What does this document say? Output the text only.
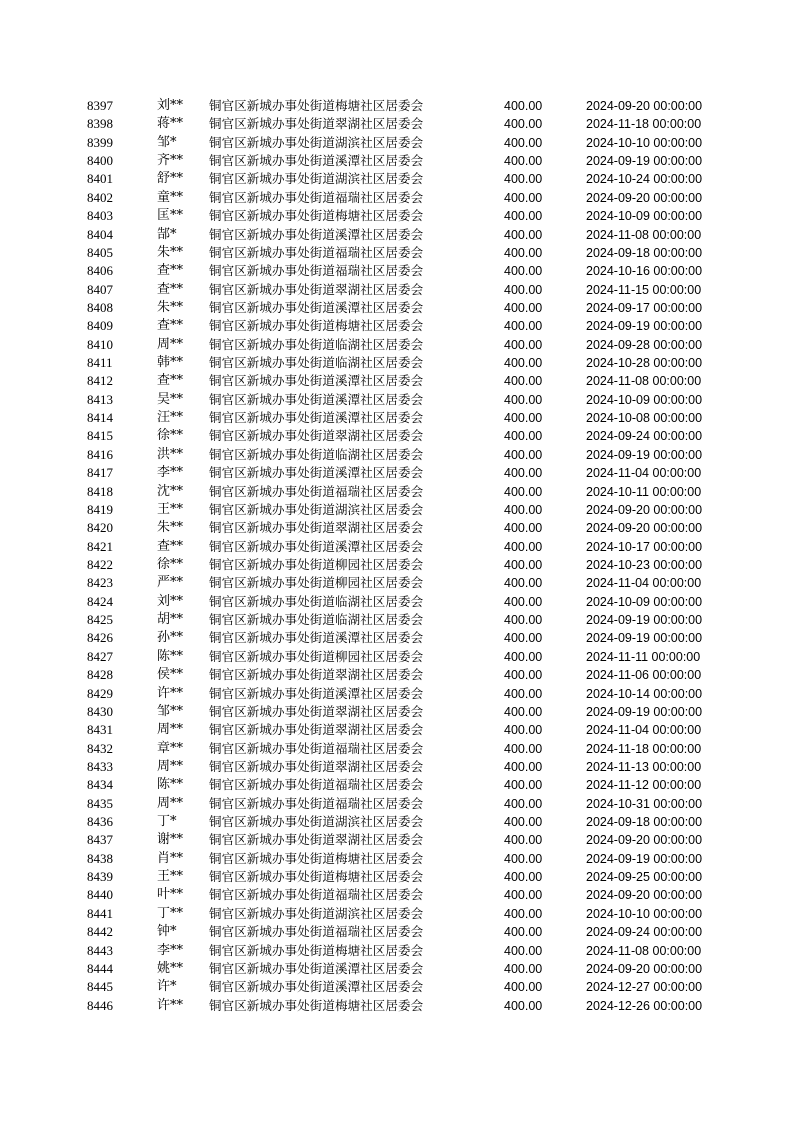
8397	刘**	铜官区新城办事处街道梅塘社区居委会	400.00	2024-09-20 00:00:00
8398	蒋**	铜官区新城办事处街道翠湖社区居委会	400.00	2024-11-18 00:00:00
8399	邹*	铜官区新城办事处街道湖滨社区居委会	400.00	2024-10-10 00:00:00
8400	齐**	铜官区新城办事处街道溪潭社区居委会	400.00	2024-09-19 00:00:00
8401	舒**	铜官区新城办事处街道湖滨社区居委会	400.00	2024-10-24 00:00:00
8402	童**	铜官区新城办事处街道福瑞社区居委会	400.00	2024-09-20 00:00:00
8403	匡**	铜官区新城办事处街道梅塘社区居委会	400.00	2024-10-09 00:00:00
8404	郜*	铜官区新城办事处街道溪潭社区居委会	400.00	2024-11-08 00:00:00
8405	朱**	铜官区新城办事处街道福瑞社区居委会	400.00	2024-09-18 00:00:00
8406	查**	铜官区新城办事处街道福瑞社区居委会	400.00	2024-10-16 00:00:00
8407	查**	铜官区新城办事处街道翠湖社区居委会	400.00	2024-11-15 00:00:00
8408	朱**	铜官区新城办事处街道溪潭社区居委会	400.00	2024-09-17 00:00:00
8409	查**	铜官区新城办事处街道梅塘社区居委会	400.00	2024-09-19 00:00:00
8410	周**	铜官区新城办事处街道临湖社区居委会	400.00	2024-09-28 00:00:00
8411	韩**	铜官区新城办事处街道临湖社区居委会	400.00	2024-10-28 00:00:00
8412	查**	铜官区新城办事处街道溪潭社区居委会	400.00	2024-11-08 00:00:00
8413	吴**	铜官区新城办事处街道溪潭社区居委会	400.00	2024-10-09 00:00:00
8414	汪**	铜官区新城办事处街道溪潭社区居委会	400.00	2024-10-08 00:00:00
8415	徐**	铜官区新城办事处街道翠湖社区居委会	400.00	2024-09-24 00:00:00
8416	洪**	铜官区新城办事处街道临湖社区居委会	400.00	2024-09-19 00:00:00
8417	李**	铜官区新城办事处街道溪潭社区居委会	400.00	2024-11-04 00:00:00
8418	沈**	铜官区新城办事处街道福瑞社区居委会	400.00	2024-10-11 00:00:00
8419	王**	铜官区新城办事处街道湖滨社区居委会	400.00	2024-09-20 00:00:00
8420	朱**	铜官区新城办事处街道翠湖社区居委会	400.00	2024-09-20 00:00:00
8421	查**	铜官区新城办事处街道溪潭社区居委会	400.00	2024-10-17 00:00:00
8422	徐**	铜官区新城办事处街道柳园社区居委会	400.00	2024-10-23 00:00:00
8423	严**	铜官区新城办事处街道柳园社区居委会	400.00	2024-11-04 00:00:00
8424	刘**	铜官区新城办事处街道临湖社区居委会	400.00	2024-10-09 00:00:00
8425	胡**	铜官区新城办事处街道临湖社区居委会	400.00	2024-09-19 00:00:00
8426	孙**	铜官区新城办事处街道溪潭社区居委会	400.00	2024-09-19 00:00:00
8427	陈**	铜官区新城办事处街道柳园社区居委会	400.00	2024-11-11 00:00:00
8428	侯**	铜官区新城办事处街道翠湖社区居委会	400.00	2024-11-06 00:00:00
8429	许**	铜官区新城办事处街道溪潭社区居委会	400.00	2024-10-14 00:00:00
8430	邹**	铜官区新城办事处街道翠湖社区居委会	400.00	2024-09-19 00:00:00
8431	周**	铜官区新城办事处街道翠湖社区居委会	400.00	2024-11-04 00:00:00
8432	章**	铜官区新城办事处街道福瑞社区居委会	400.00	2024-11-18 00:00:00
8433	周**	铜官区新城办事处街道翠湖社区居委会	400.00	2024-11-13 00:00:00
8434	陈**	铜官区新城办事处街道福瑞社区居委会	400.00	2024-11-12 00:00:00
8435	周**	铜官区新城办事处街道福瑞社区居委会	400.00	2024-10-31 00:00:00
8436	丁*	铜官区新城办事处街道湖滨社区居委会	400.00	2024-09-18 00:00:00
8437	谢**	铜官区新城办事处街道翠湖社区居委会	400.00	2024-09-20 00:00:00
8438	肖**	铜官区新城办事处街道梅塘社区居委会	400.00	2024-09-19 00:00:00
8439	王**	铜官区新城办事处街道梅塘社区居委会	400.00	2024-09-25 00:00:00
8440	叶**	铜官区新城办事处街道福瑞社区居委会	400.00	2024-09-20 00:00:00
8441	丁**	铜官区新城办事处街道湖滨社区居委会	400.00	2024-10-10 00:00:00
8442	钟*	铜官区新城办事处街道福瑞社区居委会	400.00	2024-09-24 00:00:00
8443	李**	铜官区新城办事处街道梅塘社区居委会	400.00	2024-11-08 00:00:00
8444	姚**	铜官区新城办事处街道溪潭社区居委会	400.00	2024-09-20 00:00:00
8445	许*	铜官区新城办事处街道溪潭社区居委会	400.00	2024-12-27 00:00:00
8446	许**	铜官区新城办事处街道梅塘社区居委会	400.00	2024-12-26 00:00:00
